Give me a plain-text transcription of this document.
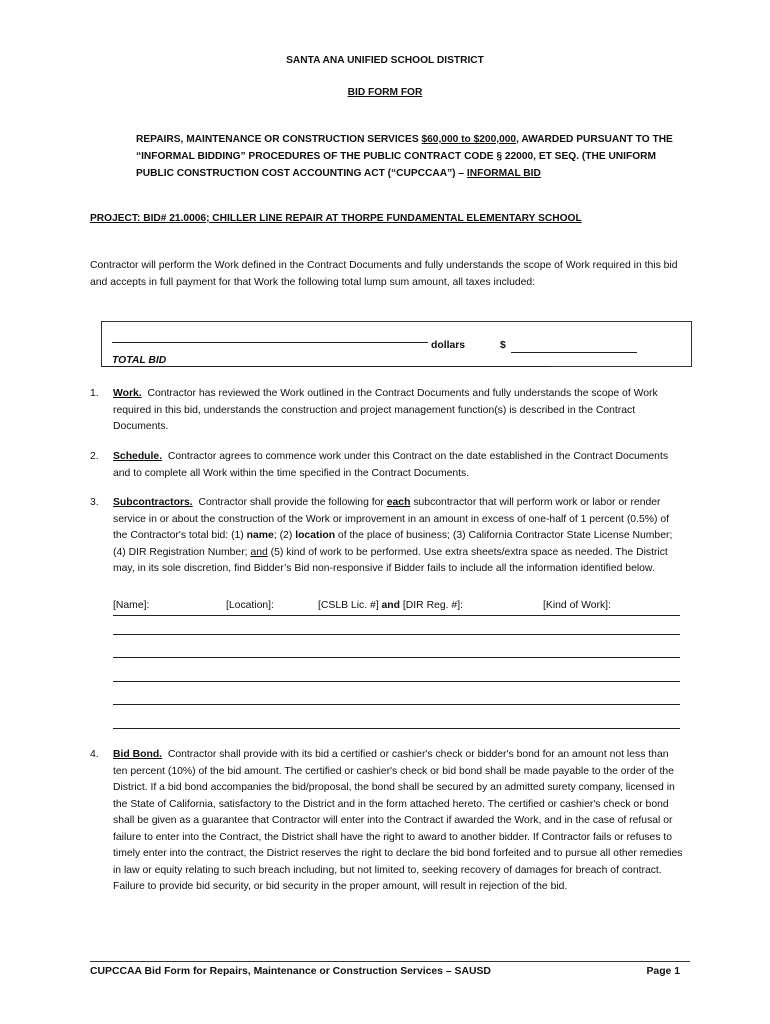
SANTA ANA UNIFIED SCHOOL DISTRICT
BID FORM FOR
REPAIRS, MAINTENANCE OR CONSTRUCTION SERVICES $60,000 to $200,000, AWARDED PURSUANT TO THE “INFORMAL BIDDING” PROCEDURES OF THE PUBLIC CONTRACT CODE § 22000, ET SEQ. (THE UNIFORM PUBLIC CONSTRUCTION COST ACCOUNTING ACT (“CUPCCAA”) – INFORMAL BID
PROJECT: BID# 21.0006; CHILLER LINE REPAIR AT THORPE FUNDAMENTAL ELEMENTARY SCHOOL
Contractor will perform the Work defined in the Contract Documents and fully understands the scope of Work required in this bid and accepts in full payment for that Work the following total lump sum amount, all taxes included:
dollars	$
TOTAL BID
1. Work. Contractor has reviewed the Work outlined in the Contract Documents and fully understands the scope of Work required in this bid, understands the construction and project management function(s) is described in the Contract Documents.
2. Schedule. Contractor agrees to commence work under this Contract on the date established in the Contract Documents and to complete all Work within the time specified in the Contract Documents.
3. Subcontractors. Contractor shall provide the following for each subcontractor that will perform work or labor or render service in or about the construction of the Work or improvement in an amount in excess of one-half of 1 percent (0.5%) of the Contractor's total bid: (1) name; (2) location of the place of business; (3) California Contractor State License Number; (4) DIR Registration Number; and (5) kind of work to be performed. Use extra sheets/extra space as needed. The District may, in its sole discretion, find Bidder’s Bid non-responsive if Bidder fails to include all the information identified below.
[Name]:	[Location]:	[CSLB Lic. #] and [DIR Reg. #]:	[Kind of Work]:
4. Bid Bond. Contractor shall provide with its bid a certified or cashier's check or bidder's bond for an amount not less than ten percent (10%) of the bid amount. The certified or cashier's check or bid bond shall be made payable to the order of the District. If a bid bond accompanies the bid/proposal, the bond shall be secured by an admitted surety company, licensed in the State of California, satisfactory to the District and in the form attached hereto. The certified or cashier's check or bond shall be given as a guarantee that Contractor will enter into the Contract if awarded the Work, and in the case of refusal or failure to enter into the Contract, the District shall have the right to award to another bidder. If Contractor fails or refuses to timely enter into the contract, the District reserves the right to declare the bid bond forfeited and to pursue all other remedies in law or equity relating to such breach including, but not limited to, seeking recovery of damages for breach of contract. Failure to provide bid security, or bid security in the proper amount, will result in rejection of the bid.
CUPCCAA Bid Form for Repairs, Maintenance or Construction Services – SAUSD	Page 1
